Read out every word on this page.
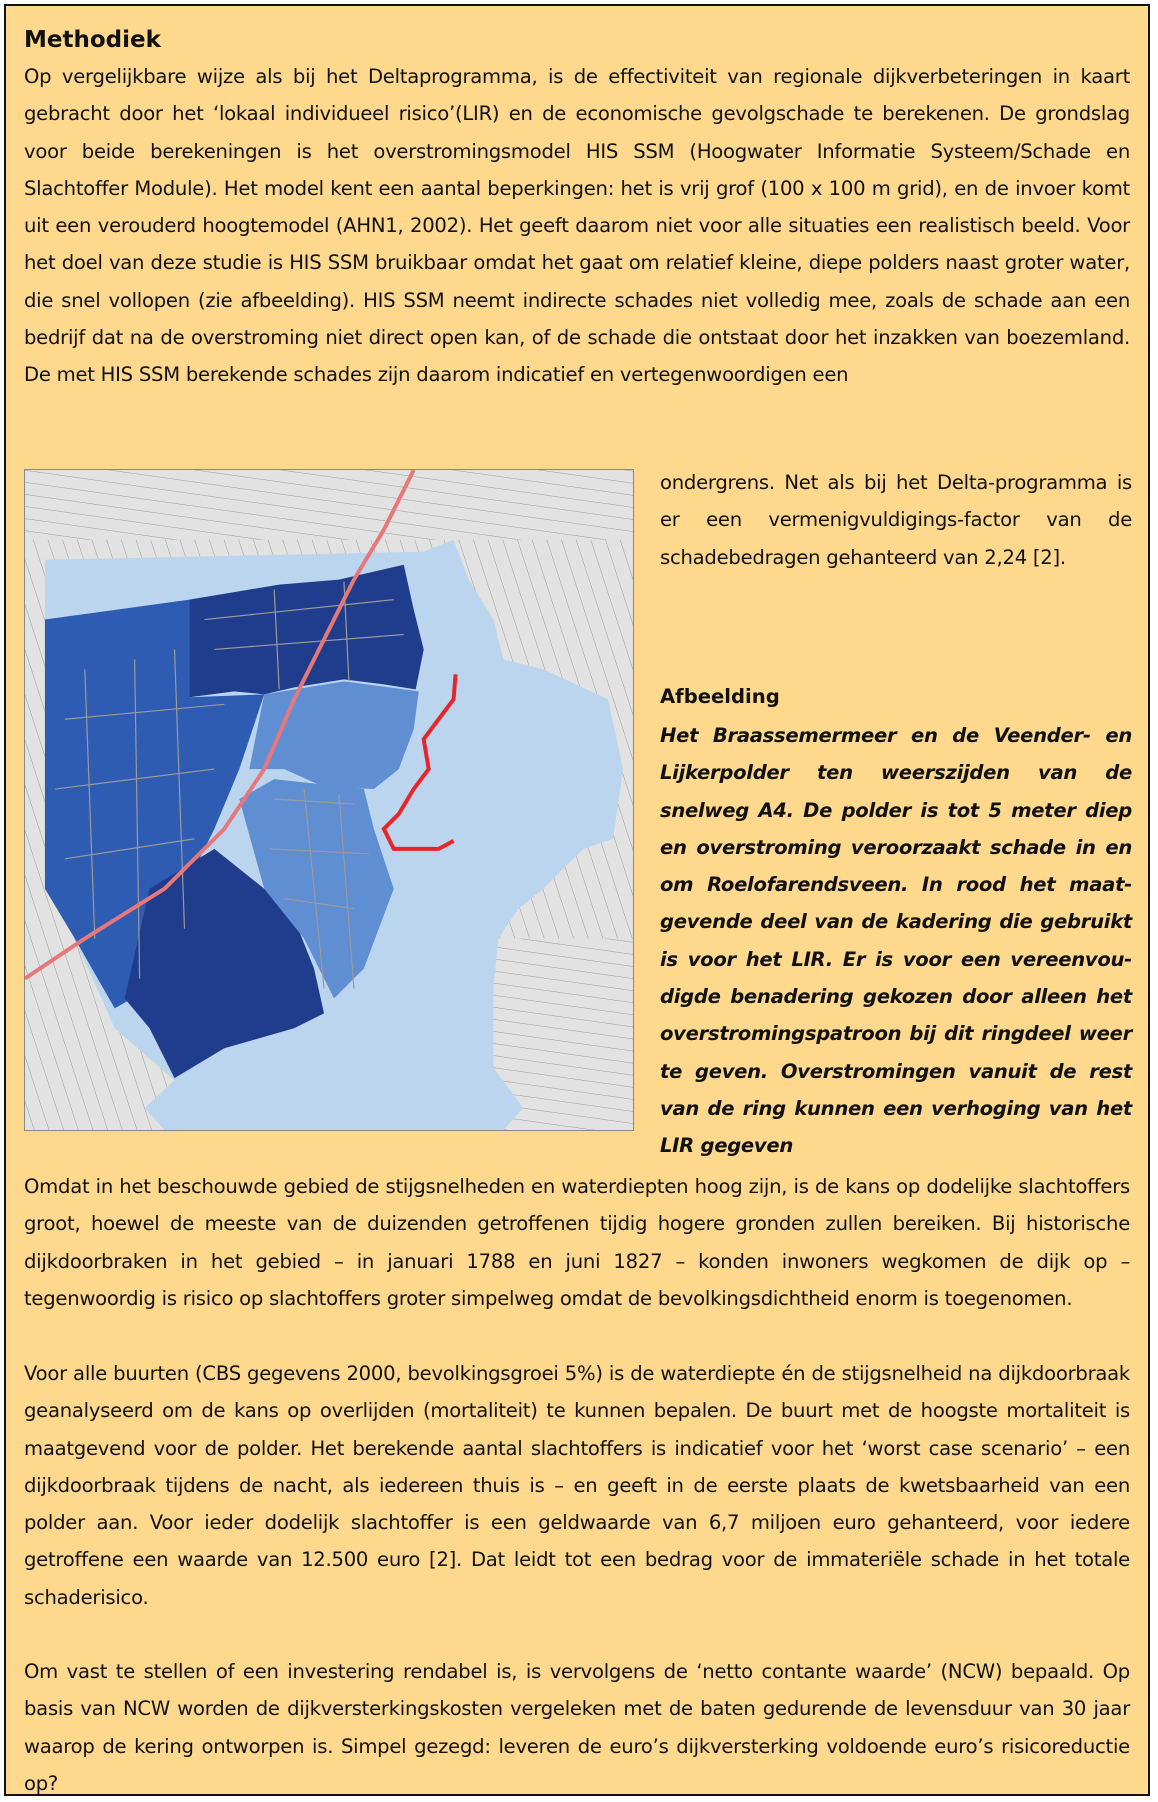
Methodiek

Op vergelijkbare wijze als bij het Deltaprogramma, is de effectiviteit van regionale dijkverbeteringen in kaart gebracht door het ‘lokaal individueel risico’(LIR) en de economische gevolgschade te berekenen. De grondslag voor beide berekeningen is het overstromingsmodel HIS SSM (Hoogwater Informatie Systeem/Schade en Slachtoffer Module). Het model kent een aantal beperkingen: het is vrij grof (100 x 100 m grid), en de invoer komt uit een verouderd hoogtemodel (AHN1, 2002). Het geeft daarom niet voor alle situaties een realistisch beeld. Voor het doel van deze studie is HIS SSM bruikbaar omdat het gaat om relatief kleine, diepe polders naast groter water, die snel vollopen (zie afbeelding). HIS SSM neemt indirecte schades niet volledig mee, zoals de schade aan een bedrijf dat na de overstroming niet direct open kan, of de schade die ontstaat door het inzakken van boezemland. De met HIS SSM berekende schades zijn daarom indicatief en vertegenwoordigen een

ondergrens. Net als bij het Delta-programma is er een vermenigvuldigings-factor van de schadebedragen gehanteerd van 2,24 [2].

Afbeelding

Het Braassemermeer en de Veender- en Lijkerpolder ten weerszijden van de snelweg A4. De polder is tot 5 meter diep en overstroming veroorzaakt schade in en om Roelofarendsveen. In rood het maat-gevende deel van de kadering die gebruikt is voor het LIR. Er is voor een vereenvou-digde benadering gekozen door alleen het overstromingspatroon bij dit ringdeel weer te geven. Overstromingen vanuit de rest van de ring kunnen een verhoging van het LIR gegeven

Omdat in het beschouwde gebied de stijgsnelheden en waterdiepten hoog zijn, is de kans op dodelijke slachtoffers groot, hoewel de meeste van de duizenden getroffenen tijdig hogere gronden zullen bereiken. Bij historische dijkdoorbraken in het gebied – in januari 1788 en juni 1827 – konden inwoners wegkomen de dijk op – tegenwoordig is risico op slachtoffers groter simpelweg omdat de bevolkingsdichtheid enorm is toegenomen.

Voor alle buurten (CBS gegevens 2000, bevolkingsgroei 5%) is de waterdiepte én de stijgsnelheid na dijkdoorbraak geanalyseerd om de kans op overlijden (mortaliteit) te kunnen bepalen. De buurt met de hoogste mortaliteit is maatgevend voor de polder. Het berekende aantal slachtoffers is indicatief voor het ‘worst case scenario’ – een dijkdoorbraak tijdens de nacht, als iedereen thuis is – en geeft in de eerste plaats de kwetsbaarheid van een polder aan. Voor ieder dodelijk slachtoffer is een geldwaarde van 6,7 miljoen euro gehanteerd, voor iedere getroffene een waarde van 12.500 euro [2]. Dat leidt tot een bedrag voor de immateriële schade in het totale schaderisico.

Om vast te stellen of een investering rendabel is, is vervolgens de ‘netto contante waarde’ (NCW) bepaald. Op basis van NCW worden de dijkversterkingskosten vergeleken met de baten gedurende de levensduur van 30 jaar waarop de kering ontworpen is. Simpel gezegd: leveren de euro’s dijkversterking voldoende euro’s risicoreductie op?
